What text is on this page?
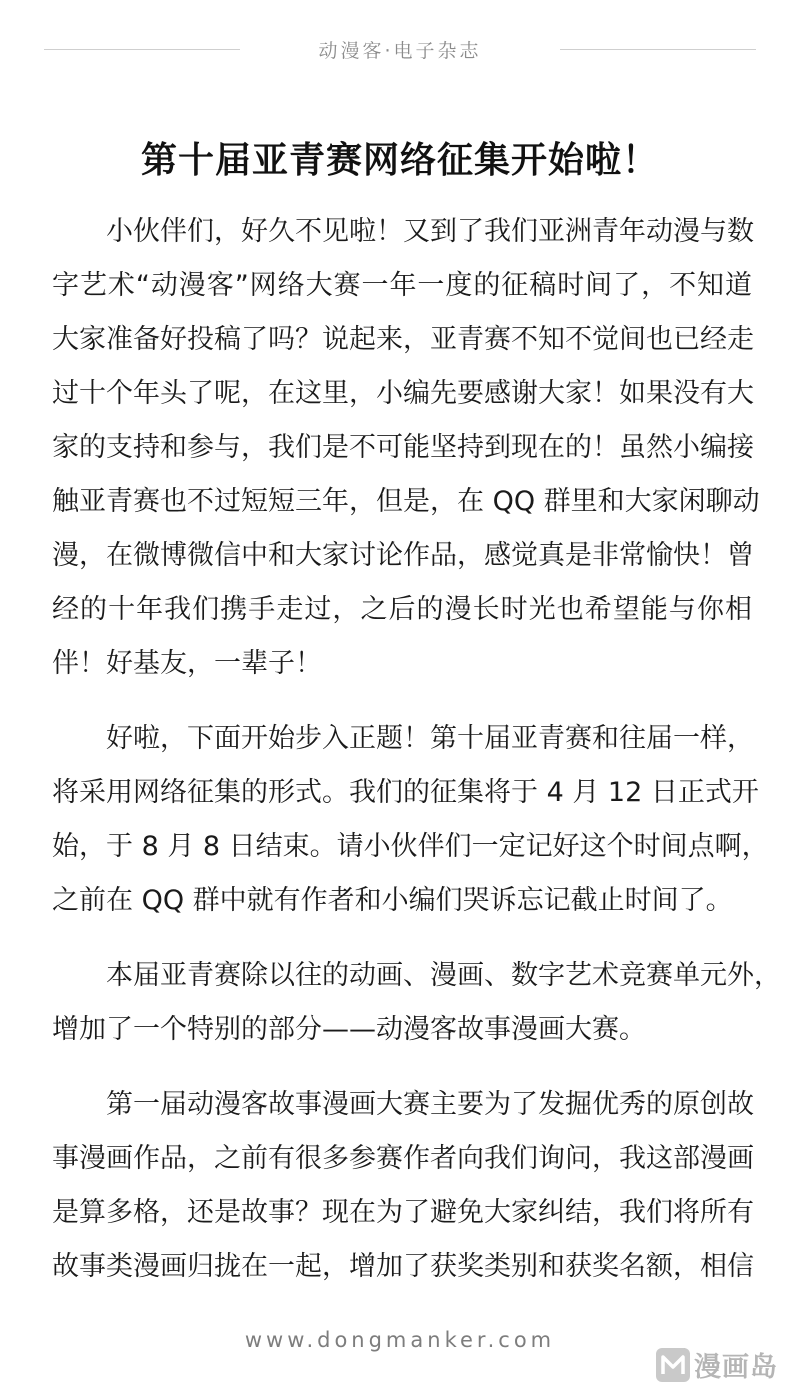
动漫客·电子杂志
第十届亚青赛网络征集开始啦！
小伙伴们，好久不见啦！又到了我们亚洲青年动漫与数
字艺术“动漫客”网络大赛一年一度的征稿时间了，不知道
大家准备好投稿了吗？说起来，亚青赛不知不觉间也已经走
过十个年头了呢，在这里，小编先要感谢大家！如果没有大
家的支持和参与，我们是不可能坚持到现在的！虽然小编接
触亚青赛也不过短短三年，但是，在 QQ 群里和大家闲聊动
漫，在微博微信中和大家讨论作品，感觉真是非常愉快！曾
经的十年我们携手走过，之后的漫长时光也希望能与你相
伴！好基友，一辈子！
好啦，下面开始步入正题！第十届亚青赛和往届一样，
将采用网络征集的形式。我们的征集将于 4 月 12 日正式开
始，于 8 月 8 日结束。请小伙伴们一定记好这个时间点啊，
之前在 QQ 群中就有作者和小编们哭诉忘记截止时间了。
本届亚青赛除以往的动画、漫画、数字艺术竞赛单元外，
增加了一个特别的部分——动漫客故事漫画大赛。
第一届动漫客故事漫画大赛主要为了发掘优秀的原创故
事漫画作品，之前有很多参赛作者向我们询问，我这部漫画
是算多格，还是故事？现在为了避免大家纠结，我们将所有
故事类漫画归拢在一起，增加了获奖类别和获奖名额，相信
www.dongmanker.com
漫画岛
